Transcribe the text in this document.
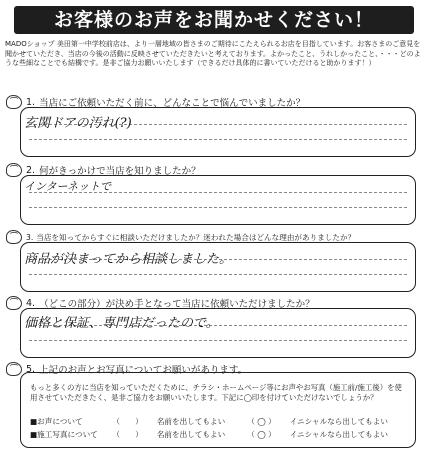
お客様のお声をお聞かせください！
MADOショップ 美田第一中学校前店は、より一層地域の皆さまのご期待にこたえられるお店を目指しています。お客さまのご意見を聞かせていただき、当店の今後の活動に反映させていただきたいと考えております。よかったこと、うれしかったこと、・・・どのような些細なことでも結構です。是非ご協力お願いいたします（できるだけ具体的に書いていただけると助かります！）
⌒ 1. 当店にご依頼いただく前に、どんなことで悩んでいましたか？
玄関ドアの汚れ(?)
⌒ 2. 何がきっかけで当店を知りましたか？
インターネットで
⌒	3. 当店を知ってからすぐに相談いただけましたか？迷われた場合はどんな理由がありましたか？
商品が決まってから相談しました。
⌒ 4. （どこの部分）が決め手となって当店に依頼いただけましたか？
価格と保証、専門店だったので。
⌒ 5. 上記のお声とお写真についてお願いがあります。
もっと多くの方に当店を知っていただくために、チラシ・ホームページ等にお声やお写真（施工前/施工後）を使用させていただきたく、是非ご協力をお願いいたします。下記に◯印を付けていただけないでしょうか？
■お声について	（　　） 名前を出してもよい	（ ◯ ） イニシャルなら出してもよい
■施工写真について （　　） 名前を出してもよい	（ ◯ ） イニシャルなら出してもよい
